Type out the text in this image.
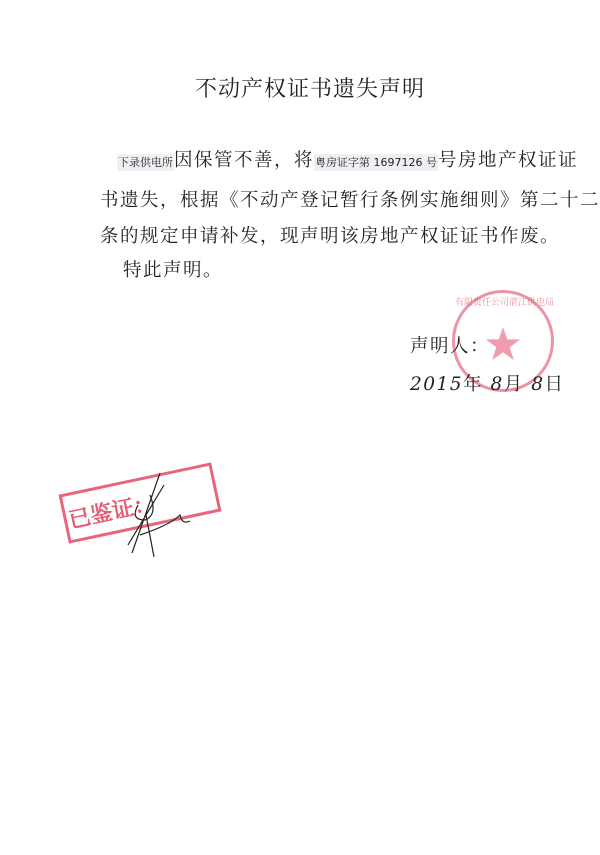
不动产权证书遗失声明
下录供电所因保管不善，将粤房证字第 1697126 号号房地产权证证
书遗失，根据《不动产登记暂行条例实施细则》第二十二
条的规定申请补发，现声明该房地产权证证书作废。
特此声明。
有限责任公司湛江供电局
声明人：
2015年 8月 8日
已鉴证：
